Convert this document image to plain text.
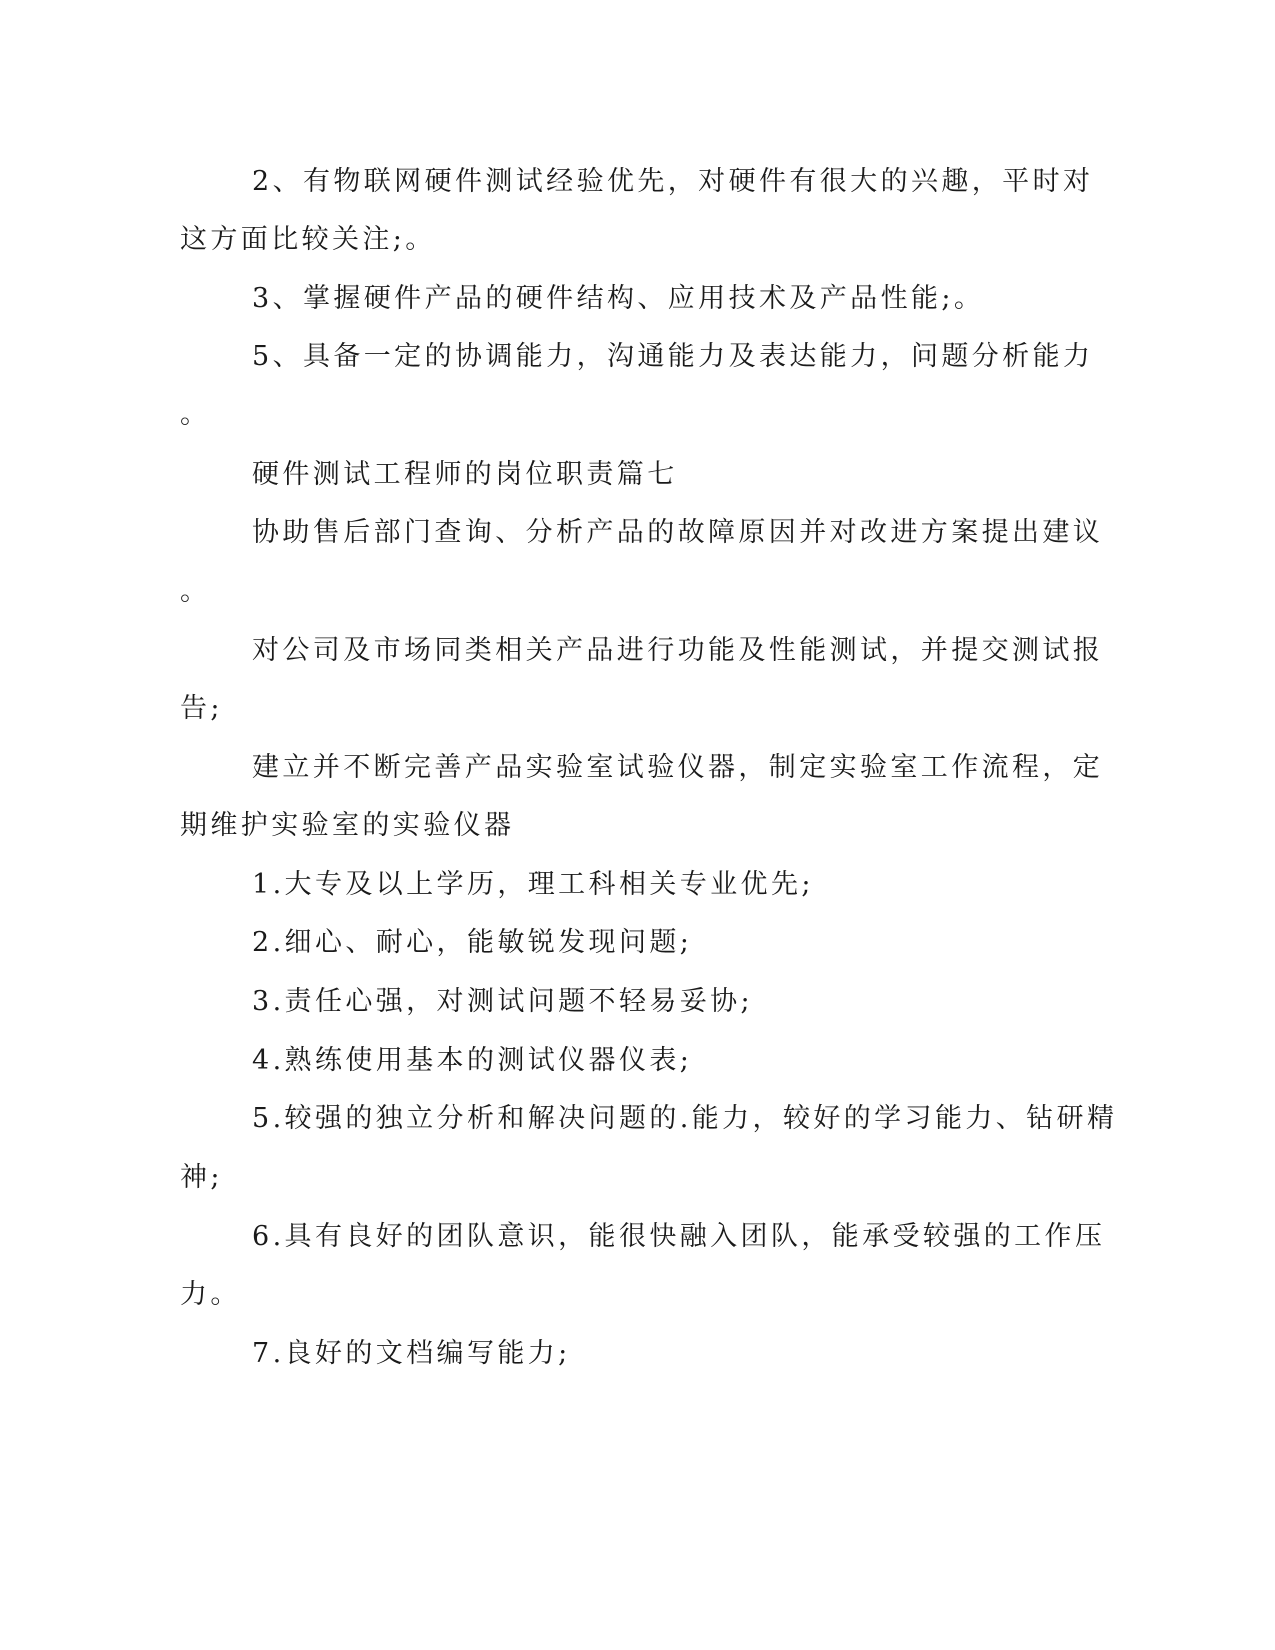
2、有物联网硬件测试经验优先，对硬件有很大的兴趣，平时对
这方面比较关注;。
3、掌握硬件产品的硬件结构、应用技术及产品性能;。
5、具备一定的协调能力，沟通能力及表达能力，问题分析能力
。
硬件测试工程师的岗位职责篇七
协助售后部门查询、分析产品的故障原因并对改进方案提出建议
。
对公司及市场同类相关产品进行功能及性能测试，并提交测试报
告;
建立并不断完善产品实验室试验仪器，制定实验室工作流程，定
期维护实验室的实验仪器
1.大专及以上学历，理工科相关专业优先;
2.细心、耐心，能敏锐发现问题;
3.责任心强，对测试问题不轻易妥协;
4.熟练使用基本的测试仪器仪表;
5.较强的独立分析和解决问题的.能力，较好的学习能力、钻研精
神;
6.具有良好的团队意识，能很快融入团队，能承受较强的工作压
力。
7.良好的文档编写能力;
